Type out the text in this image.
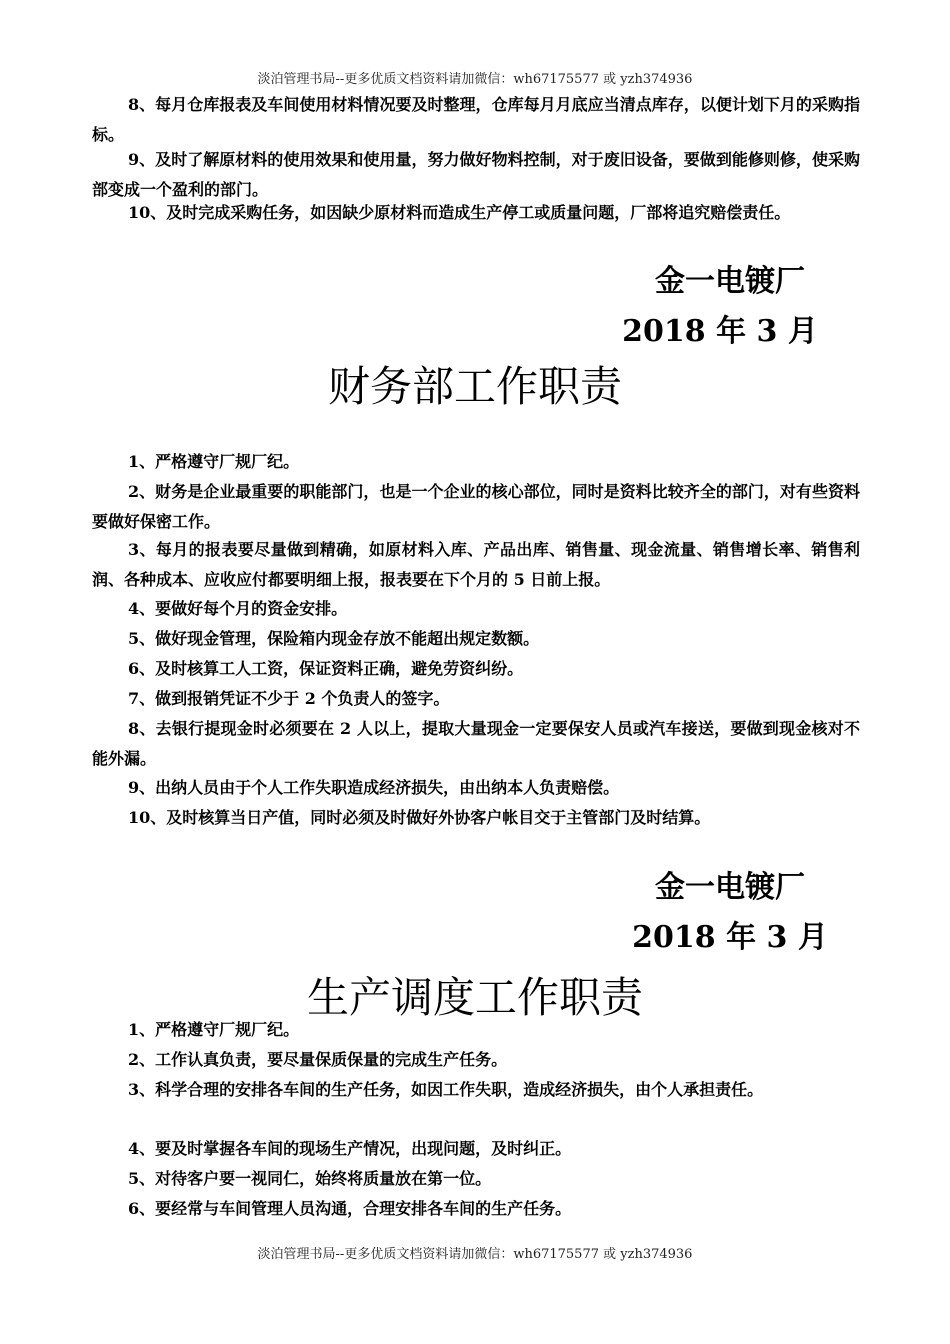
淡泊管理书局--更多优质文档资料请加微信：wh67175577 或 yzh374936

8、每月仓库报表及车间使用材料情况要及时整理，仓库每月月底应当清点库存，以便计划下月的采购指标。

9、及时了解原材料的使用效果和使用量，努力做好物料控制，对于废旧设备，要做到能修则修，使采购部变成一个盈利的部门。

10、及时完成采购任务，如因缺少原材料而造成生产停工或质量问题，厂部将追究赔偿责任。

金一电镀厂
2018 年 3 月
财务部工作职责

1、严格遵守厂规厂纪。

2、财务是企业最重要的职能部门，也是一个企业的核心部位，同时是资料比较齐全的部门，对有些资料要做好保密工作。

3、每月的报表要尽量做到精确，如原材料入库、产品出库、销售量、现金流量、销售增长率、销售利润、各种成本、应收应付都要明细上报，报表要在下个月的 5 日前上报。

4、要做好每个月的资金安排。

5、做好现金管理，保险箱内现金存放不能超出规定数额。

6、及时核算工人工资，保证资料正确，避免劳资纠纷。

7、做到报销凭证不少于 2 个负责人的签字。

8、去银行提现金时必须要在 2 人以上，提取大量现金一定要保安人员或汽车接送，要做到现金核对不能外漏。

9、出纳人员由于个人工作失职造成经济损失，由出纳本人负责赔偿。

10、及时核算当日产值，同时必须及时做好外协客户帐目交于主管部门及时结算。

金一电镀厂
2018 年 3 月
生产调度工作职责

1、严格遵守厂规厂纪。

2、工作认真负责，要尽量保质保量的完成生产任务。

3、科学合理的安排各车间的生产任务，如因工作失职，造成经济损失，由个人承担责任。

4、要及时掌握各车间的现场生产情况，出现问题，及时纠正。

5、对待客户要一视同仁，始终将质量放在第一位。

6、要经常与车间管理人员沟通，合理安排各车间的生产任务。

淡泊管理书局--更多优质文档资料请加微信：wh67175577 或 yzh374936
